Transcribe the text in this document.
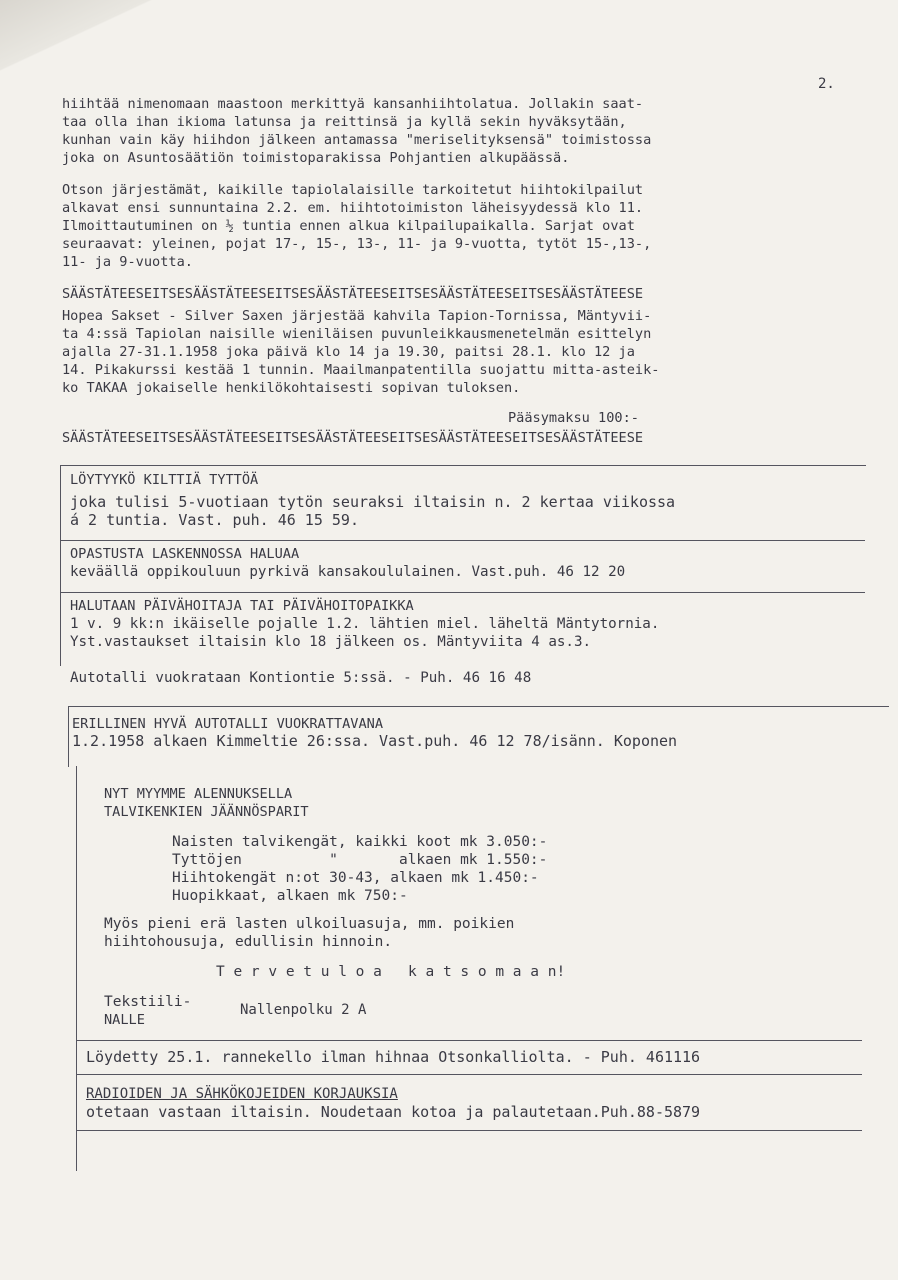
2.
hiihtää nimenomaan maastoon merkittyä kansanhiihtolatua. Jollakin saat-
taa olla ihan ikioma latunsa ja reittinsä ja kyllä sekin hyväksytään,
kunhan vain käy hiihdon jälkeen antamassa "meriselityksensä" toimistossa
joka on Asuntosäätiön toimistoparakissa Pohjantien alkupäässä.
Otson järjestämät, kaikille tapiolalaisille tarkoitetut hiihtokilpailut
alkavat ensi sunnuntaina 2.2. em. hiihtotoimiston läheisyydessä klo 11.
Ilmoittautuminen on ½ tuntia ennen alkua kilpailupaikalla. Sarjat ovat
seuraavat: yleinen, pojat 17-, 15-, 13-, 11- ja 9-vuotta, tytöt 15-,13-,
11- ja 9-vuotta.
SÄÄSTÄTEESEITSESÄÄSTÄTEESEITSESÄÄSTÄTEESEITSESÄÄSTÄTEESEITSESÄÄSTÄTEESE
Hopea Sakset - Silver Saxen järjestää kahvila Tapion-Tornissa, Mäntyvii-
ta 4:ssä Tapiolan naisille wieniläisen puvunleikkausmenetelmän esittelyn
ajalla 27-31.1.1958 joka päivä klo 14 ja 19.30, paitsi 28.1. klo 12 ja
14. Pikakurssi kestää 1 tunnin. Maailmanpatentilla suojattu mitta-asteik-
ko TAKAA jokaiselle henkilökohtaisesti sopivan tuloksen.
Pääsymaksu 100:-
SÄÄSTÄTEESEITSESÄÄSTÄTEESEITSESÄÄSTÄTEESEITSESÄÄSTÄTEESEITSESÄÄSTÄTEESE
LÖYTYYKÖ KILTTIÄ TYTTÖÄ
joka tulisi 5-vuotiaan tytön seuraksi iltaisin n. 2 kertaa viikossa
á 2 tuntia. Vast. puh. 46 15 59.
OPASTUSTA LASKENNOSSA HALUAA
keväällä oppikouluun pyrkivä kansakoululainen. Vast.puh. 46 12 20
HALUTAAN PÄIVÄHOITAJA TAI PÄIVÄHOITOPAIKKA
1 v. 9 kk:n ikäiselle pojalle 1.2. lähtien miel. läheltä Mäntytornia.
Yst.vastaukset iltaisin klo 18 jälkeen os. Mäntyviita 4 as.3.
Autotalli vuokrataan Kontiontie 5:ssä. - Puh. 46 16 48
ERILLINEN HYVÄ AUTOTALLI VUOKRATTAVANA
1.2.1958 alkaen Kimmeltie 26:ssa. Vast.puh. 46 12 78/isänn. Koponen
NYT MYYMME ALENNUKSELLA
TALVIKENKIEN JÄÄNNÖSPARIT
Naisten talvikengät, kaikki koot mk 3.050:-
Tyttöjen          "       alkaen mk 1.550:-
Hiihtokengät n:ot 30-43, alkaen mk 1.450:-
Huopikkaat, alkaen mk 750:-
Myös pieni erä lasten ulkoiluasuja, mm. poikien
hiihtohousuja, edullisin hinnoin.
T e r v e t u l o a   k a t s o m a a n!
Tekstiili-
NALLE
Nallenpolku 2 A
Löydetty 25.1. rannekello ilman hihnaa Otsonkalliolta. - Puh. 461116
RADIOIDEN JA SÄHKÖKOJEIDEN KORJAUKSIA
otetaan vastaan iltaisin. Noudetaan kotoa ja palautetaan.Puh.88-5879
